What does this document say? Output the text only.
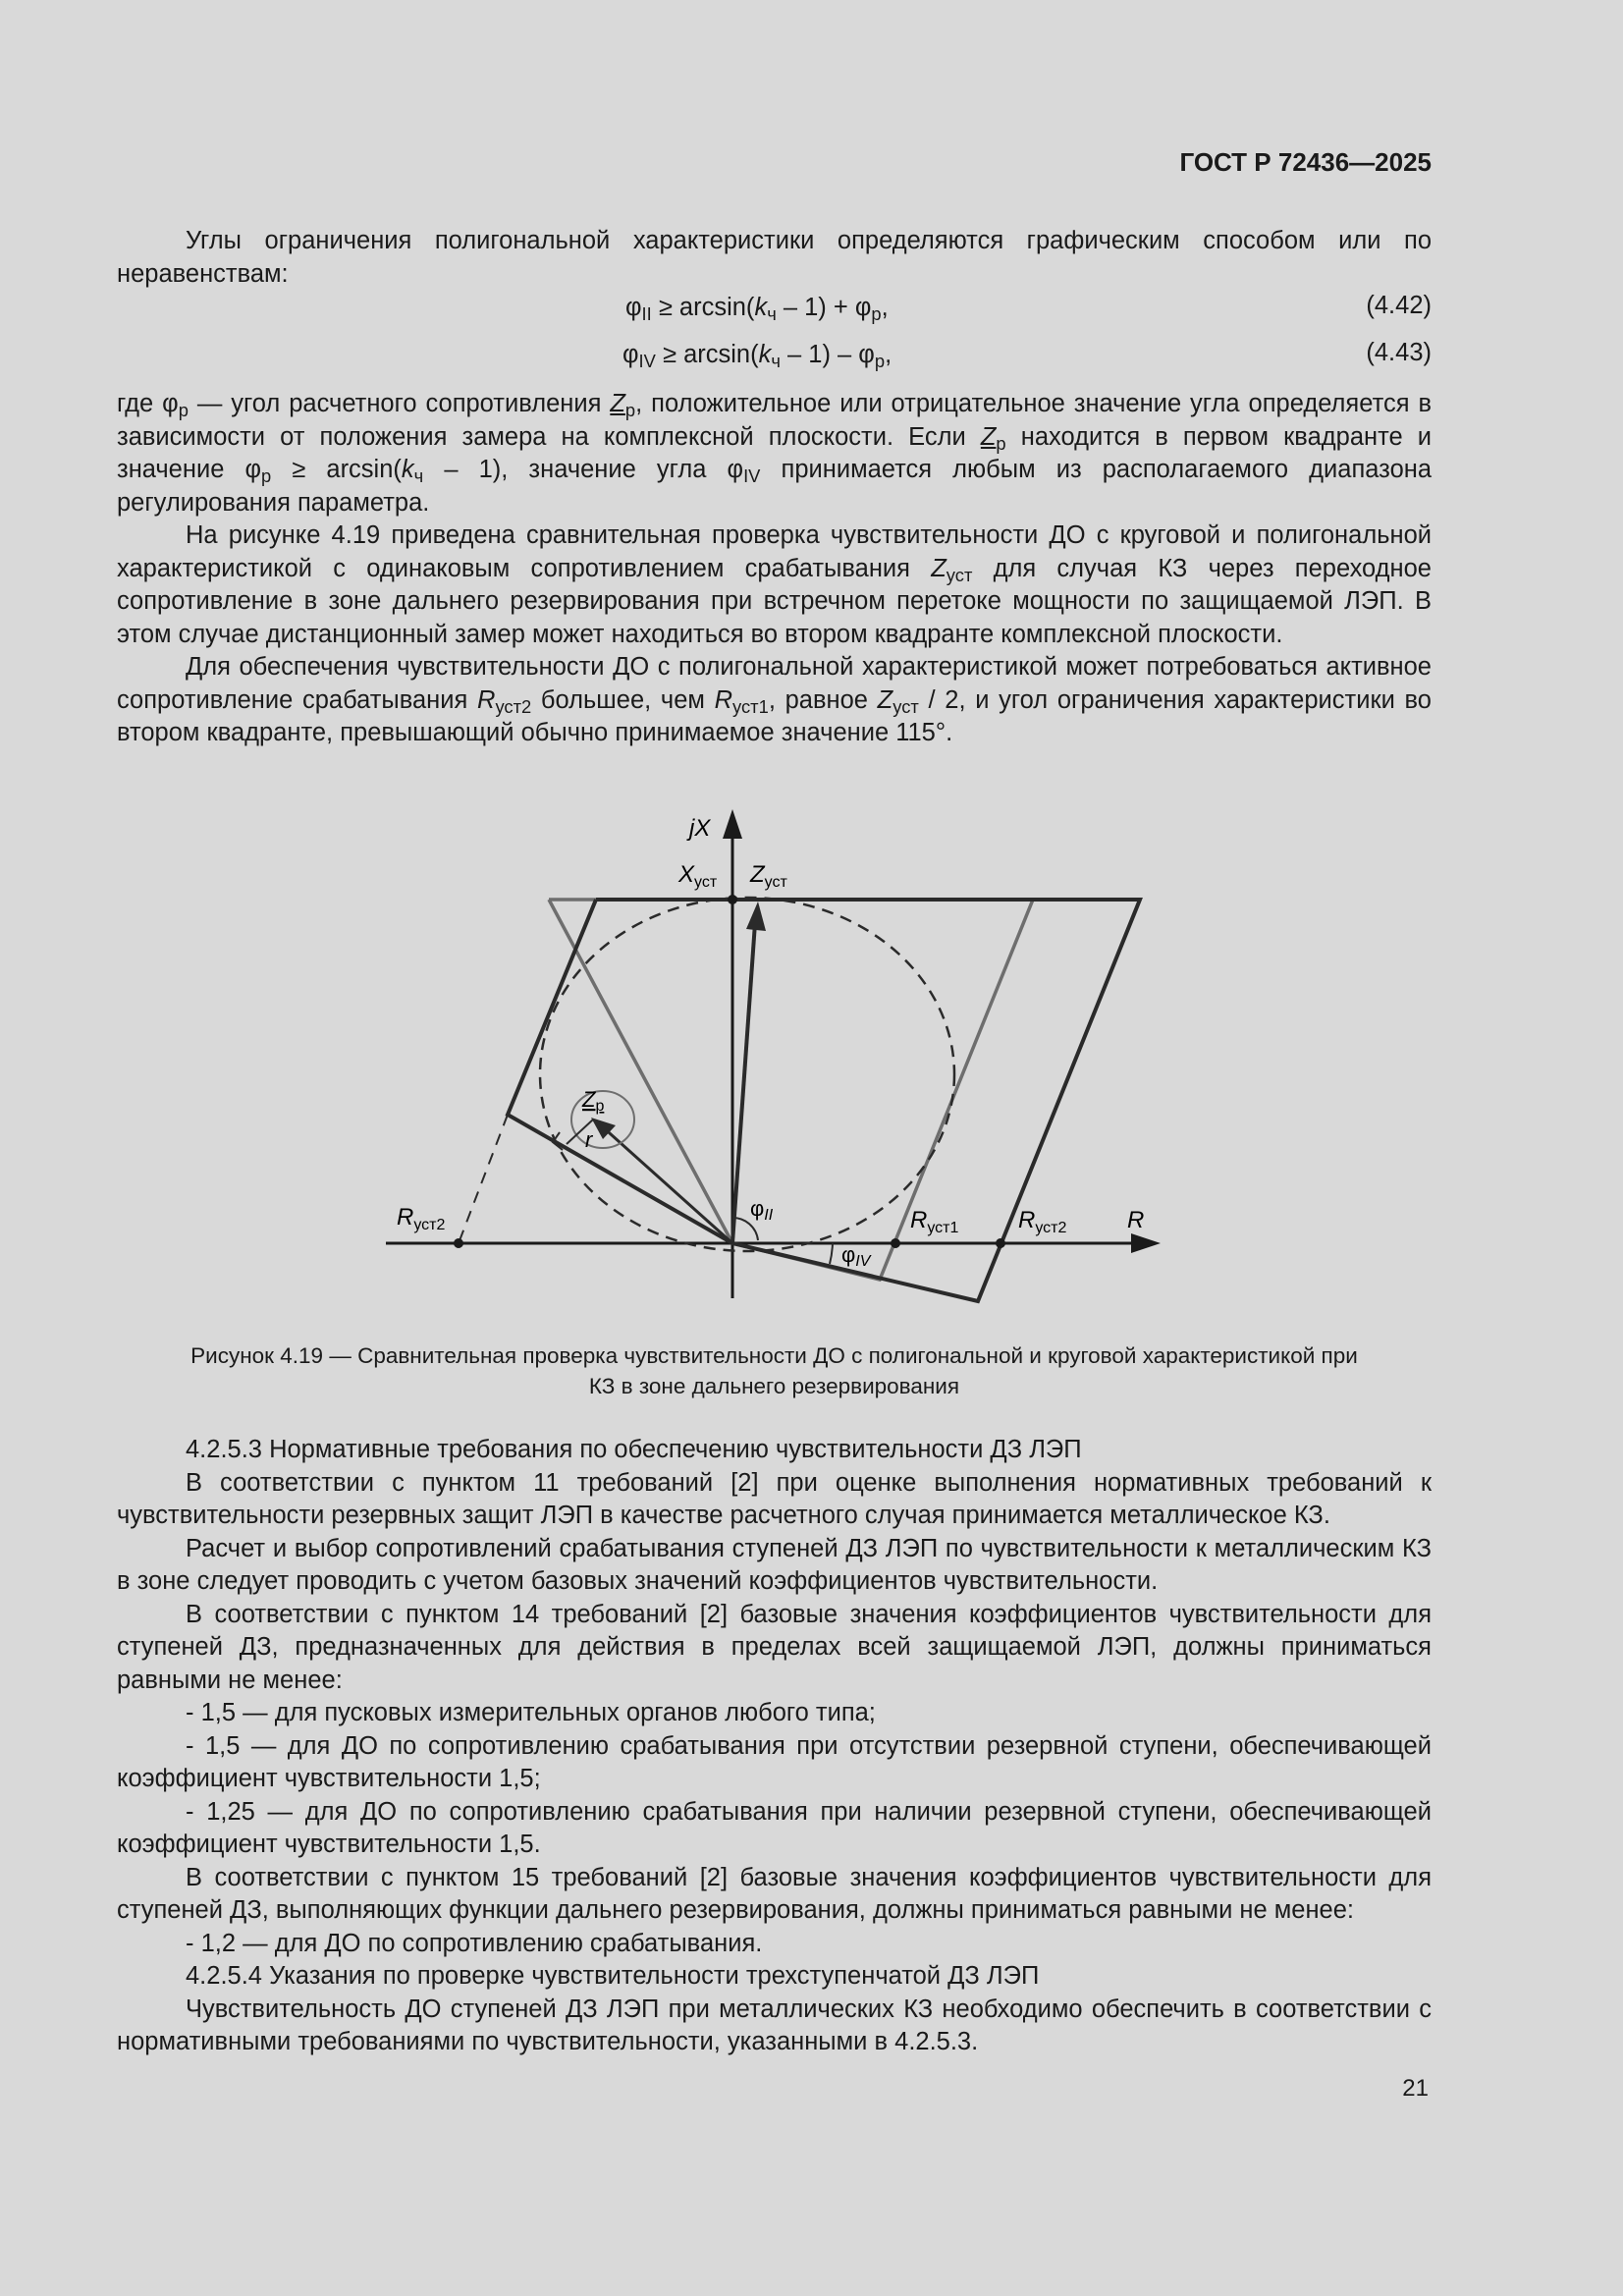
ГОСТ Р 72436—2025

Углы ограничения полигональной характеристики определяются графическим способом или по неравенствам:

$\varphi_{II} \ge \arcsin(k_ч - 1) + \varphi_р$,	(4.42)
$\varphi_{IV} \ge \arcsin(k_ч - 1) - \varphi_р$,	(4.43)

где $\varphi_р$ — угол расчетного сопротивления $Z_р$, положительное или отрицательное значение угла определяется в зависимости от положения замера на комплексной плоскости. Если $Z_р$ находится в первом квадранте и значение $\varphi_р \ge \arcsin(k_ч - 1)$, значение угла $\varphi_{IV}$ принимается любым из располагаемого диапазона регулирования параметра.

На рисунке 4.19 приведена сравнительная проверка чувствительности ДО с круговой и полигональной характеристикой с одинаковым сопротивлением срабатывания $Z_{уст}$ для случая КЗ через переходное сопротивление в зоне дальнего резервирования при встречном перетоке мощности по защищаемой ЛЭП. В этом случае дистанционный замер может находиться во втором квадранте комплексной плоскости.

Для обеспечения чувствительности ДО с полигональной характеристикой может потребоваться активное сопротивление срабатывания $R_{уст2}$ большее, чем $R_{уст1}$, равное $Z_{уст} / 2$, и угол ограничения характеристики во втором квадранте, превышающий обычно принимаемое значение 115°.

jX
$X_{уст}$ $Z_{уст}$
Zр
r
φII
φIV
$R_{уст2}$	$R_{уст1}$	$R_{уст2}$	R
Рисунок 4.19 — Сравнительная проверка чувствительности ДО с полигональной и круговой характеристикой при
КЗ в зоне дальнего резервирования

4.2.5.3 Нормативные требования по обеспечению чувствительности ДЗ ЛЭП

В соответствии с пунктом 11 требований [2] при оценке выполнения нормативных требований к чувствительности резервных защит ЛЭП в качестве расчетного случая принимается металлическое КЗ.

Расчет и выбор сопротивлений срабатывания ступеней ДЗ ЛЭП по чувствительности к металлическим КЗ в зоне следует проводить с учетом базовых значений коэффициентов чувствительности.

В соответствии с пунктом 14 требований [2] базовые значения коэффициентов чувствительности для ступеней ДЗ, предназначенных для действия в пределах всей защищаемой ЛЭП, должны приниматься равными не менее:

- 1,5 — для пусковых измерительных органов любого типа;

- 1,5 — для ДО по сопротивлению срабатывания при отсутствии резервной ступени, обеспечивающей коэффициент чувствительности 1,5;

- 1,25 — для ДО по сопротивлению срабатывания при наличии резервной ступени, обеспечивающей коэффициент чувствительности 1,5.

В соответствии с пунктом 15 требований [2] базовые значения коэффициентов чувствительности для ступеней ДЗ, выполняющих функции дальнего резервирования, должны приниматься равными не менее:

- 1,2 — для ДО по сопротивлению срабатывания.

4.2.5.4 Указания по проверке чувствительности трехступенчатой ДЗ ЛЭП

Чувствительность ДО ступеней ДЗ ЛЭП при металлических КЗ необходимо обеспечить в соответствии с нормативными требованиями по чувствительности, указанными в 4.2.5.3.

21
